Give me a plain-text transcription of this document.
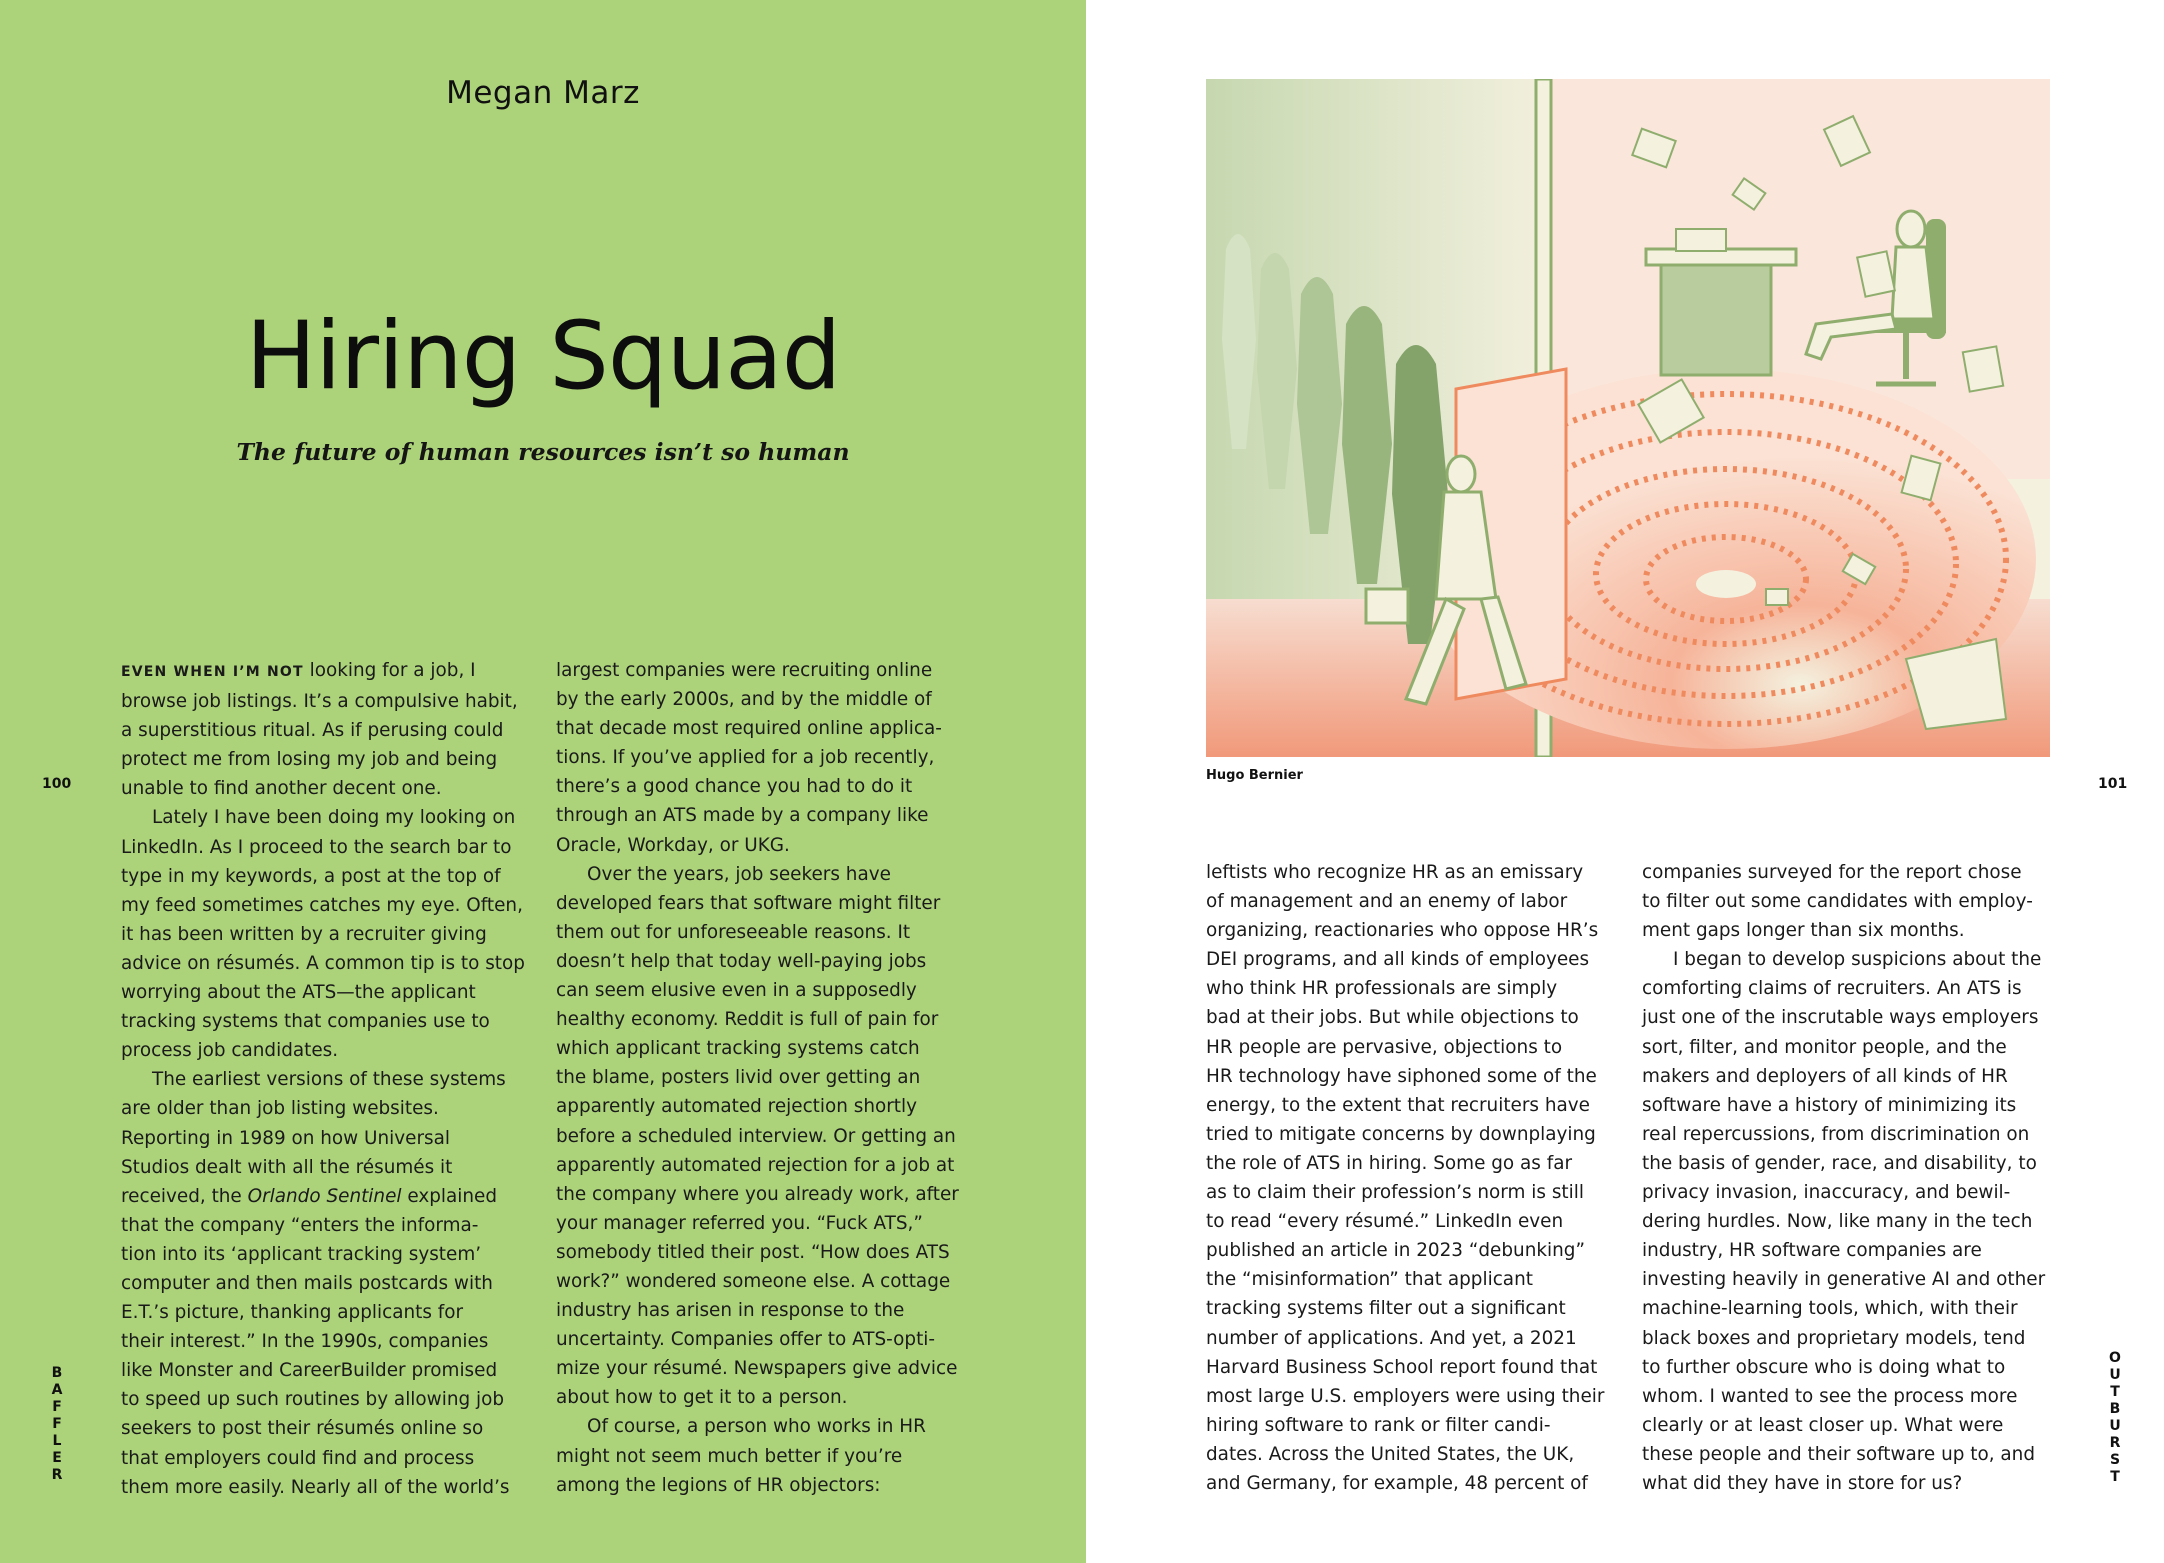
Megan Marz
Hiring Squad
The future of human resources isn’t so human

EVEN WHEN I’M NOT looking for a job, I

browse job listings. It’s a compulsive habit,

a superstitious ritual. As if perusing could

protect me from losing my job and being

unable to find another decent one.

Lately I have been doing my looking on

LinkedIn. As I proceed to the search bar to

type in my keywords, a post at the top of

my feed sometimes catches my eye. Often,

it has been written by a recruiter giving

advice on résumés. A common tip is to stop

worrying about the ATS—the applicant

tracking systems that companies use to

process job candidates.

The earliest versions of these systems

are older than job listing websites.

Reporting in 1989 on how Universal

Studios dealt with all the résumés it

received, the Orlando Sentinel explained

that the company “enters the informa-

tion into its ‘applicant tracking system’

computer and then mails postcards with

E.T.’s picture, thanking applicants for

their interest.” In the 1990s, companies

like Monster and CareerBuilder promised

to speed up such routines by allowing job

seekers to post their résumés online so

that employers could find and process

them more easily. Nearly all of the world’s

largest companies were recruiting online

by the early 2000s, and by the middle of

that decade most required online applica-

tions. If you’ve applied for a job recently,

there’s a good chance you had to do it

through an ATS made by a company like

Oracle, Workday, or UKG.

Over the years, job seekers have

developed fears that software might filter

them out for unforeseeable reasons. It

doesn’t help that today well-paying jobs

can seem elusive even in a supposedly

healthy economy. Reddit is full of pain for

which applicant tracking systems catch

the blame, posters livid over getting an

apparently automated rejection shortly

before a scheduled interview. Or getting an

apparently automated rejection for a job at

the company where you already work, after

your manager referred you. “Fuck ATS,”

somebody titled their post. “How does ATS

work?” wondered someone else. A cottage

industry has arisen in response to the

uncertainty. Companies offer to ATS-opti-

mize your résumé. Newspapers give advice

about how to get it to a person.

Of course, a person who works in HR

might not seem much better if you’re

among the legions of HR objectors:

100
B
A
F
F
L
E
R
Hugo Bernier

leftists who recognize HR as an emissary

of management and an enemy of labor

organizing, reactionaries who oppose HR’s

DEI programs, and all kinds of employees

who think HR professionals are simply

bad at their jobs. But while objections to

HR people are pervasive, objections to

HR technology have siphoned some of the

energy, to the extent that recruiters have

tried to mitigate concerns by downplaying

the role of ATS in hiring. Some go as far

as to claim their profession’s norm is still

to read “every résumé.” LinkedIn even

published an article in 2023 “debunking”

the “misinformation” that applicant

tracking systems filter out a significant

number of applications. And yet, a 2021

Harvard Business School report found that

most large U.S. employers were using their

hiring software to rank or filter candi-

dates. Across the United States, the UK,

and Germany, for example, 48 percent of

companies surveyed for the report chose

to filter out some candidates with employ-

ment gaps longer than six months.

I began to develop suspicions about the

comforting claims of recruiters. An ATS is

just one of the inscrutable ways employers

sort, filter, and monitor people, and the

makers and deployers of all kinds of HR

software have a history of minimizing its

real repercussions, from discrimination on

the basis of gender, race, and disability, to

privacy invasion, inaccuracy, and bewil-

dering hurdles. Now, like many in the tech

industry, HR software companies are

investing heavily in generative AI and other

machine-learning tools, which, with their

black boxes and proprietary models, tend

to further obscure who is doing what to

whom. I wanted to see the process more

clearly or at least closer up. What were

these people and their software up to, and

what did they have in store for us?

101
O
U
T
B
U
R
S
T
